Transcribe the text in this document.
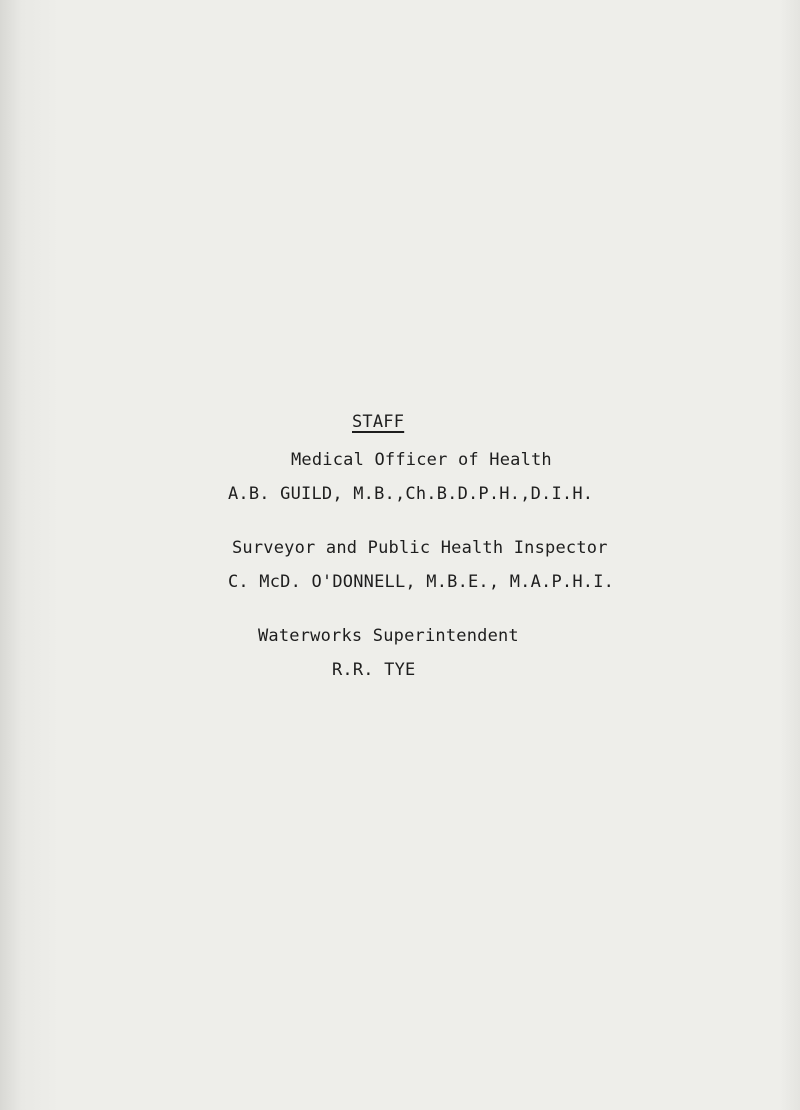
STAFF
Medical Officer of Health
A.B. GUILD, M.B.,Ch.B.D.P.H.,D.I.H.
Surveyor and Public Health Inspector
C. McD. O'DONNELL, M.B.E., M.A.P.H.I.
Waterworks Superintendent
R.R. TYE
